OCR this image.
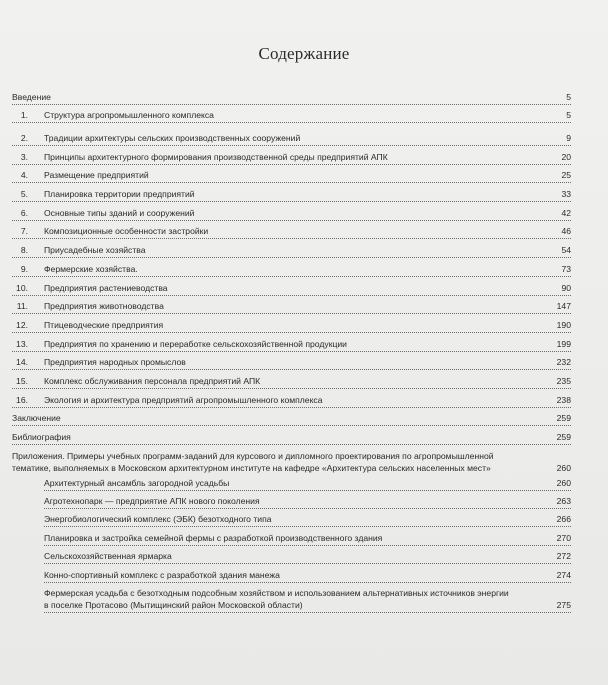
Содержание
Введение	5
1. Структура агропромышленного комплекса	5
2. Традиции архитектуры сельских производственных сооружений	9
3. Принципы архитектурного формирования производственной среды предприятий АПК	20
4. Размещение предприятий	25
5. Планировка территории предприятий	33
6. Основные типы зданий и сооружений	42
7. Композиционные особенности застройки	46
8. Приусадебные хозяйства	54
9. Фермерские хозяйства.	73
10. Предприятия растениеводства	90
11. Предприятия животноводства	147
12. Птицеводческие предприятия	190
13. Предприятия по хранению и переработке сельскохозяйственной продукции	199
14. Предприятия народных промыслов	232
15. Комплекс обслуживания персонала предприятий АПК	235
16. Экология и архитектура предприятий агропромышленного комплекса	238
Заключение	259
Библиография	259
Приложения. Примеры учебных программ-заданий для курсового и дипломного проектирования по агропромышленной
тематике, выполняемых в Московском архитектурном институте на кафедре «Архитектура сельских населенных мест»	260
Архитектурный ансамбль загородной усадьбы	260
Агротехнопарк — предприятие АПК нового поколения	263
Энергобиологический комплекс (ЭБК) безотходного типа	266
Планировка и застройка семейной фермы с разработкой производственного здания	270
Сельскохозяйственная ярмарка	272
Конно-спортивный комплекс с разработкой здания манежа	274
Фермерская усадьба с безотходным подсобным хозяйством и использованием альтернативных источников энергии
в поселке Протасово (Мытищинский район Московской области)	275
